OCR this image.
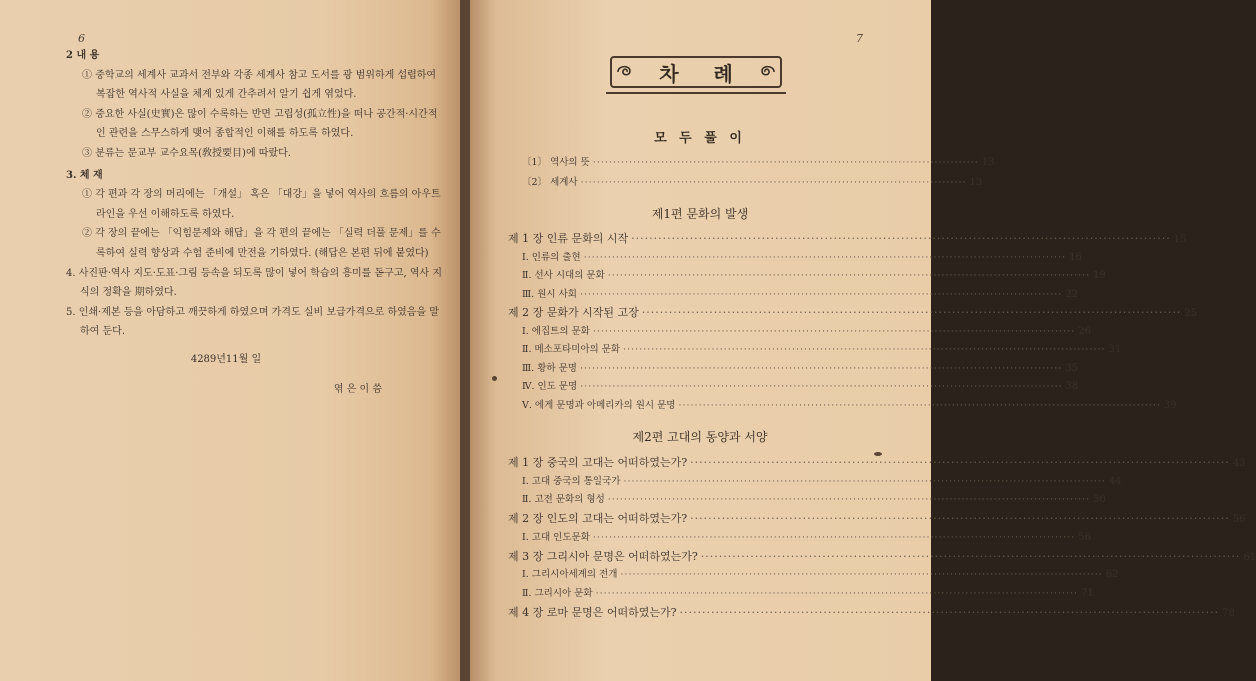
6

2 내 용

① 중학교의 세계사 교과서 전부와 각종 세계사 참고 도서를 광 범위하게 섭렵하여 복잡한 역사적 사실을 체계 있게 간추려서 알기 쉽게 엮었다.

② 중요한 사실(史實)은 많이 수록하는 반면 고립성(孤立性)을 떠나 공간적·시간적인 관련을 스무스하게 맺어 종합적인 이해를 하도록 하였다.

③ 분류는 문교부 교수요목(敎授要目)에 따랐다.

3. 체 재

① 각 편과 각 장의 머리에는 「개설」 혹은 「대강」을 넣어 역사의 흐름의 아우트라인을 우선 이해하도록 하였다.

② 각 장의 끝에는 「익힘문제와 해답」을 각 편의 끝에는 「실력 더풀 문제」를 수록하여 실력 향상과 수험 준비에 만전을 기하였다. (해답은 본편 뒤에 붙였다)

4. 사진판·역사 지도·도표·그림 등속을 되도록 많이 넣어 학습의 흥미를 돋구고, 역사 지식의 정확을 期하였다.

5. 인쇄·제본 등을 아담하고 깨끗하게 하였으며 가격도 실비 보급가격으로 하였음을 말하여 둔다.

4289년11월 일

엮 은 이 씀

7
차 례
모 두 풀 이
〔1〕 역사의 뜻 ································································································ 13
〔2〕 세계사 ································································································ 13
제1편 문화의 발생
제 1 장 인류 문화의 시작 ························································································································ 15
Ⅰ. 인류의 출현 ························································································································ 16
Ⅱ. 선사 시대의 문화 ························································································································ 19
Ⅲ. 원시 사회 ························································································································ 22
제 2 장 문화가 시작된 고장 ························································································································ 25
Ⅰ. 에집트의 문화 ························································································································ 26
Ⅱ. 메소포타미아의 문화 ························································································································ 31
Ⅲ. 황하 문명 ························································································································ 35
Ⅳ. 인도 문명 ························································································································ 38
Ⅴ. 에게 문명과 아메리카의 원시 문명 ························································································································ 39
제2편 고대의 동양과 서양
제 1 장 중국의 고대는 어떠하였는가? ························································································································ 43
Ⅰ. 고대 중국의 통일국가 ························································································································ 44
Ⅱ. 고전 문화의 형성 ························································································································ 50
제 2 장 인도의 고대는 어떠하였는가? ························································································································ 56
Ⅰ. 고대 인도문화 ························································································································ 56
제 3 장 그리시아 문명은 어떠하였는가? ························································································································ 61
Ⅰ. 그리시아세계의 전개 ························································································································ 62
Ⅱ. 그리시아 문화 ························································································································ 71
제 4 장 로마 문명은 어떠하였는가? ························································································································ 78
